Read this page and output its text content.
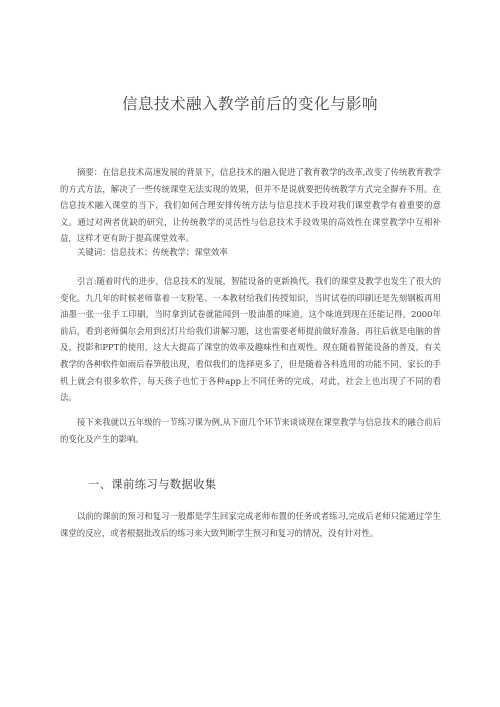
信息技术融入教学前后的变化与影响

摘要：在信息技术高速发展的背景下，信息技术的融入促进了教育教学的改革,改变了传统教育教学的方式方法，解决了一些传统课堂无法实现的效果，但并不是说就要把传统教学方式完全摒弃不用。在信息技术融入课堂的当下，我们如何合理安排传统方法与信息技术手段对我们课堂教学有着重要的意义。通过对两者优缺的研究，让传统教学的灵活性与信息技术手段效果的高效性在课堂教学中互相补益，这样才更有助于提高课堂效率。

关键词：信息技术；传统教学；课堂效率

引言:随着时代的进步，信息技术的发展，智能设备的更新换代，我们的课堂及教学也发生了很大的变化。九几年的时候老师靠着一支粉笔、一本教材给我们传授知识，当时试卷的印刷还是先刻钢板再用油墨一张一张手工印刷，当时拿到试卷就能闻到一股油墨的味道，这个味道到现在还能记得。2000年前后，看到老师偶尔会用到幻灯片给我们讲解习题，这也需要老师提前做好准备。再往后就是电脑的普及，投影和PPT的使用，这大大提高了课堂的效率及趣味性和直观性。现在随着智能设备的普及，有关教学的各种软件如雨后春笋般出现，看似我们的选择更多了，但是随着各科选用的功能不同，家长的手机上就会有很多软件，每天孩子也忙于各种app上不同任务的完成，对此，社会上也出现了不同的看法。

接下来我就以五年级的一节练习课为例,从下面几个环节来谈谈现在课堂教学与信息技术的融合前后的变化及产生的影响。

一、课前练习与数据收集

以前的课前的预习和复习一般都是学生回家完成老师布置的任务或者练习,完成后老师只能通过学生课堂的反应，或者根据批改后的练习来大致判断学生预习和复习的情况，没有针对性。
